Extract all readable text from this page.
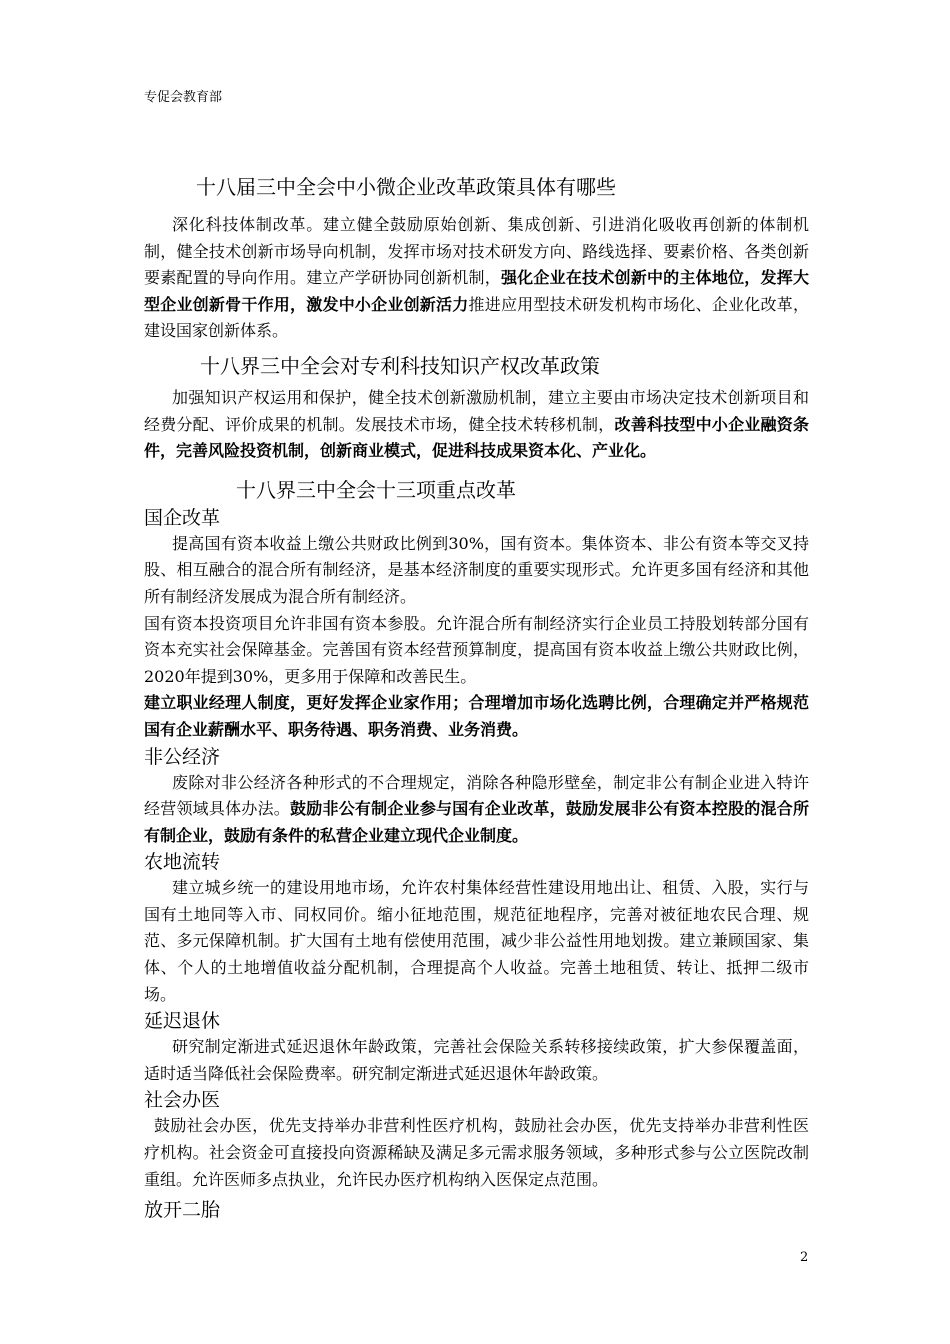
专促会教育部
十八届三中全会中小微企业改革政策具体有哪些

深化科技体制改革。建立健全鼓励原始创新、集成创新、引进消化吸收再创新的体制机制，健全技术创新市场导向机制，发挥市场对技术研发方向、路线选择、要素价格、各类创新要素配置的导向作用。建立产学研协同创新机制，强化企业在技术创新中的主体地位，发挥大型企业创新骨干作用，激发中小企业创新活力推进应用型技术研发机构市场化、企业化改革，建设国家创新体系。

十八界三中全会对专利科技知识产权改革政策

加强知识产权运用和保护，健全技术创新激励机制，建立主要由市场决定技术创新项目和经费分配、评价成果的机制。发展技术市场，健全技术转移机制，改善科技型中小企业融资条件，完善风险投资机制，创新商业模式，促进科技成果资本化、产业化。

十八界三中全会十三项重点改革
国企改革

提高国有资本收益上缴公共财政比例到30%，国有资本。集体资本、非公有资本等交叉持股、相互融合的混合所有制经济，是基本经济制度的重要实现形式。允许更多国有经济和其他所有制经济发展成为混合所有制经济。

国有资本投资项目允许非国有资本参股。允许混合所有制经济实行企业员工持股划转部分国有资本充实社会保障基金。完善国有资本经营预算制度，提高国有资本收益上缴公共财政比例，2020年提到30%，更多用于保障和改善民生。

建立职业经理人制度，更好发挥企业家作用；合理增加市场化选聘比例，合理确定并严格规范国有企业薪酬水平、职务待遇、职务消费、业务消费。

非公经济

废除对非公经济各种形式的不合理规定，消除各种隐形壁垒，制定非公有制企业进入特许经营领域具体办法。鼓励非公有制企业参与国有企业改革，鼓励发展非公有资本控股的混合所有制企业，鼓励有条件的私营企业建立现代企业制度。

农地流转

建立城乡统一的建设用地市场，允许农村集体经营性建设用地出让、租赁、入股，实行与国有土地同等入市、同权同价。缩小征地范围，规范征地程序，完善对被征地农民合理、规范、多元保障机制。扩大国有土地有偿使用范围，减少非公益性用地划拨。建立兼顾国家、集体、个人的土地增值收益分配机制，合理提高个人收益。完善土地租赁、转让、抵押二级市场。

延迟退休

研究制定渐进式延迟退休年龄政策，完善社会保险关系转移接续政策，扩大参保覆盖面，适时适当降低社会保险费率。研究制定渐进式延迟退休年龄政策。

社会办医

鼓励社会办医，优先支持举办非营利性医疗机构，鼓励社会办医，优先支持举办非营利性医疗机构。社会资金可直接投向资源稀缺及满足多元需求服务领域，多种形式参与公立医院改制重组。允许医师多点执业，允许民办医疗机构纳入医保定点范围。

放开二胎
2
